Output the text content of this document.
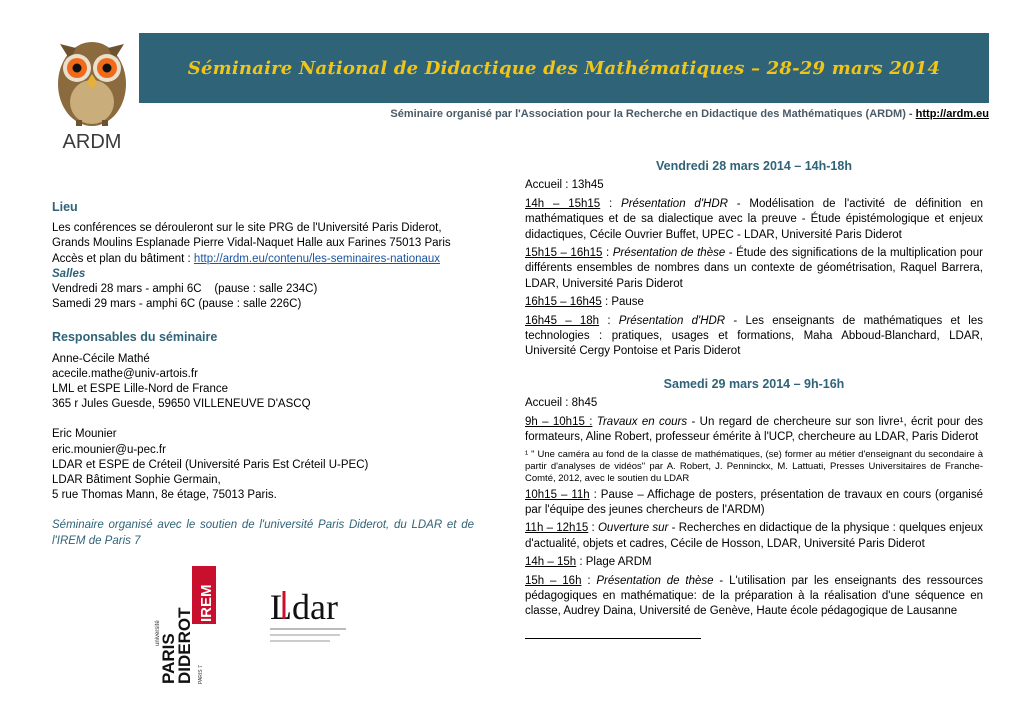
ARDM
Séminaire National de Didactique des Mathématiques – 28-29 mars 2014
Séminaire organisé par l'Association pour la Recherche en Didactique des Mathématiques (ARDM) - http://ardm.eu
Lieu
Les conférences se dérouleront sur le site PRG de l'Université Paris Diderot,
Grands Moulins Esplanade Pierre Vidal-Naquet Halle aux Farines 75013 Paris
Accès et plan du bâtiment : http://ardm.eu/contenu/les-seminaires-nationaux
Salles
Vendredi 28 mars - amphi 6C    (pause : salle 234C)
Samedi 29 mars - amphi 6C (pause : salle 226C)
Responsables du séminaire
Anne-Cécile Mathé
acecile.mathe@univ-artois.fr
LML et ESPE Lille-Nord de France
365 r Jules Guesde, 59650 VILLENEUVE D'ASCQ
Eric Mounier
eric.mounier@u-pec.fr
LDAR et ESPE de Créteil (Université Paris Est Créteil U-PEC)
LDAR Bâtiment Sophie Germain,
5 rue Thomas Mann, 8e étage, 75013 Paris.
Séminaire organisé avec le soutien de l'université Paris Diderot, du LDAR et de l'IREM de Paris 7
IREM
université
PARIS
DIDEROT PARIS 7
Ldar
Vendredi 28 mars 2014 – 14h-18h
Accueil : 13h45
14h – 15h15 : Présentation d'HDR - Modélisation de l'activité de définition en mathématiques et de sa dialectique avec la preuve - Étude épistémologique et enjeux didactiques, Cécile Ouvrier Buffet, UPEC - LDAR, Université Paris Diderot
15h15 – 16h15 : Présentation de thèse - Étude des significations de la multiplication pour différents ensembles de nombres dans un contexte de géométrisation, Raquel Barrera, LDAR, Université Paris Diderot
16h15 – 16h45 : Pause
16h45 – 18h : Présentation d'HDR - Les enseignants de mathématiques et les technologies : pratiques, usages et formations, Maha Abboud-Blanchard, LDAR, Université Cergy Pontoise et Paris Diderot
Samedi 29 mars 2014 – 9h-16h
Accueil : 8h45
9h – 10h15 : Travaux en cours - Un regard de chercheure sur son livre¹, écrit pour des formateurs, Aline Robert, professeur émérite à l'UCP, chercheure au LDAR, Paris Diderot
¹ " Une caméra au fond de la classe de mathématiques, (se) former au métier d'enseignant du secondaire à partir d'analyses de vidéos" par A. Robert, J. Penninckx, M. Lattuati, Presses Universitaires de Franche-Comté, 2012, avec le soutien du LDAR
10h15 – 11h : Pause – Affichage de posters, présentation de travaux en cours (organisé par l'équipe des jeunes chercheurs de l'ARDM)
11h – 12h15 : Ouverture sur - Recherches en didactique de la physique : quelques enjeux d'actualité, objets et cadres, Cécile de Hosson, LDAR, Université Paris Diderot
14h – 15h : Plage ARDM
15h – 16h : Présentation de thèse - L'utilisation par les enseignants des ressources pédagogiques en mathématique: de la préparation à la réalisation d'une séquence en classe, Audrey Daina, Université de Genève, Haute école pédagogique de Lausanne
